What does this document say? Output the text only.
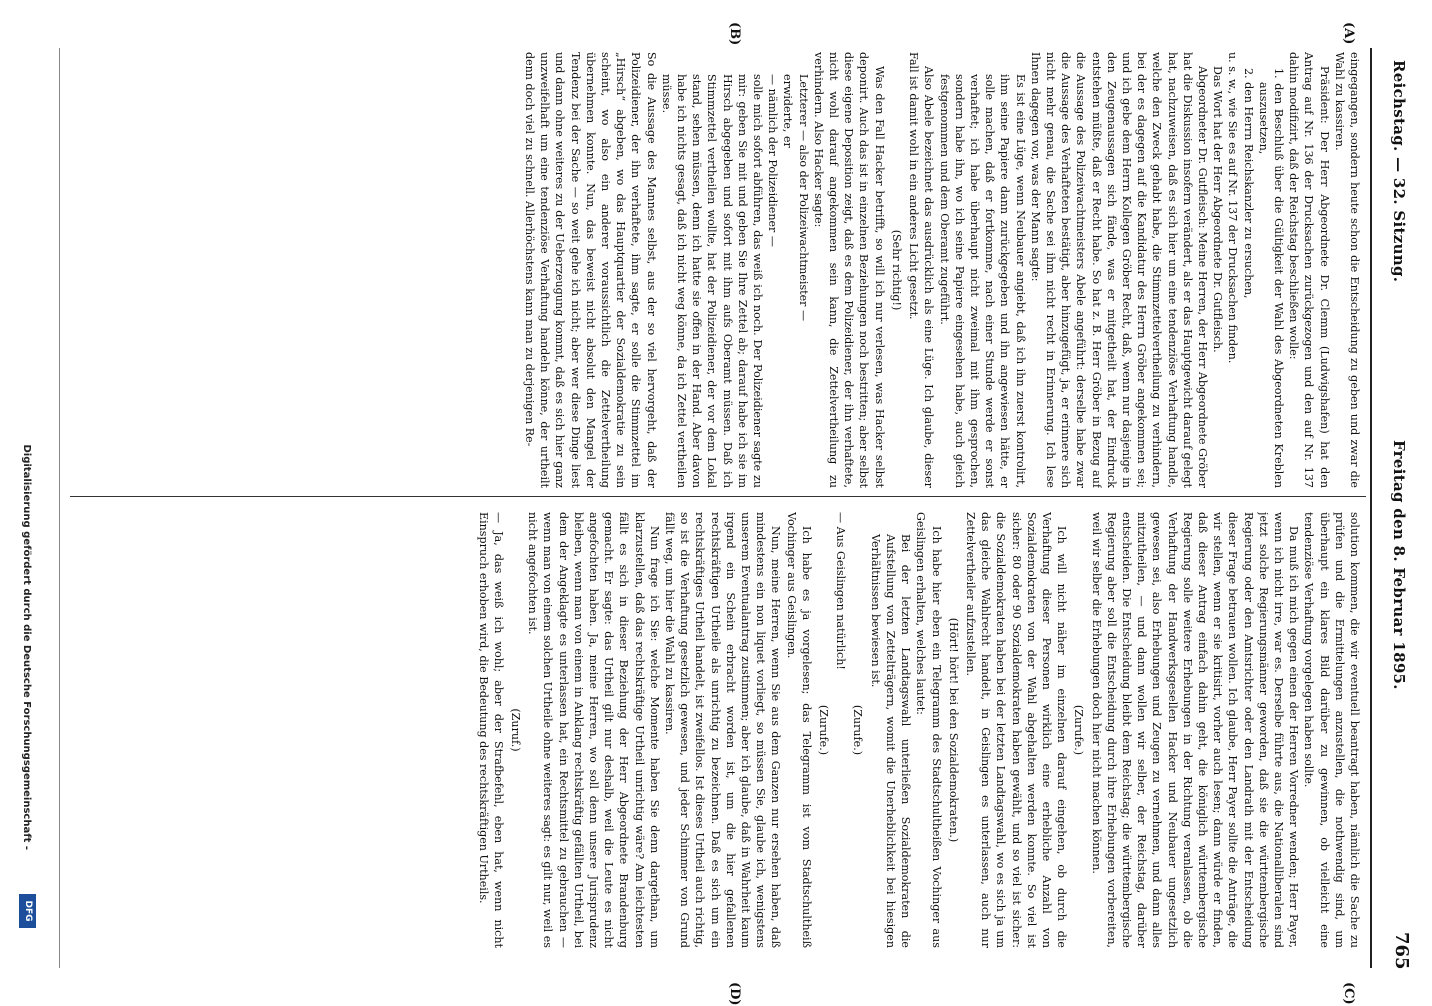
Reichstag. — 32. Sitzung.
Freitag den 8. Februar 1895.
765
(A)
(B)
(C)
(D)

eingegangen, sondern heute schon die Entscheidung zu geben und zwar die Wahl zu kassiren.

Präsident: Der Herr Abgeordnete Dr. Clemm (Ludwigshafen) hat den Antrag auf Nr. 136 der Drucksachen zurückgezogen und den auf Nr. 137 dahin modifizirt, daß der Reichstag beschließen wolle:

1. den Beschluß über die Gültigkeit der Wahl des Abgeordneten Kreblen auszusetzen,

2. den Herrn Reichskanzler zu ersuchen,

u. s. w., wie Sie es auf Nr. 137 der Drucksachen finden.

Das Wort hat der Herr Abgeordnete Dr. Gutfleisch.

Abgeordneter Dr. Gutfleisch: Meine Herren, der Herr Abgeordnete Gröber hat die Diskussion insofern verändert, als er das Hauptgewicht darauf gelegt hat, nachzuweisen, daß es sich hier um eine tendenziöse Verhaftung handle, welche den Zweck gehabt habe, die Stimmzettelvertheilung zu verhindern, bei der es dagegen auf die Kandidatur des Herrn Gröber angekommen sei; und ich gebe dem Herrn Kollegen Gröber Recht, daß, wenn nur dasjenige in den Zeugenaussagen sich fände, was er mitgetheilt hat, der Eindruck entstehen müßte, daß er Recht habe. So hat z. B. Herr Gröber in Bezug auf die Aussage des Polizeiwachtmeisters Abele angeführt: derselbe habe zwar die Aussage des Verhafteten bestätigt, aber hinzugefügt, ja, er erinnere sich nicht mehr genau, die Sache sei ihm nicht recht in Erinnerung. Ich lese Ihnen dagegen vor, was der Mann sagte:

Es ist eine Lüge, wenn Neubauer angiebt, daß ich ihn zuerst kontrolirt, ihm seine Papiere dann zurückgegeben und ihn angewiesen hätte, er solle machen, daß er fortkomme, nach einer Stunde werde er sonst verhaftet; ich habe überhaupt nicht zweimal mit ihm gesprochen, sondern habe ihn, wo ich seine Papiere eingesehen habe, auch gleich festgenommen und dem Oberamt zugeführt.

Also Abele bezeichnet das ausdrücklich als eine Lüge. Ich glaube, dieser Fall ist damit wohl in ein anderes Licht gesetzt.

(Sehr richtig!)

Was den Fall Hacker betrifft, so will ich nur verlesen, was Hacker selbst deponirt. Auch das ist in einzelnen Beziehungen noch bestritten; aber selbst diese eigene Deposition zeigt, daß es dem Polizeidiener, der ihn verhaftete, nicht wohl darauf angekommen sein kann, die Zettelvertheilung zu verhindern. Also Hacker sagte:

Letzterer — also der Polizeiwachtmeister —

erwiderte, er

— nämlich der Polizeidiener —

solle mich sofort abführen, das weiß ich noch. Der Polizeidiener sagte zu mir: geben Sie mit und geben Sie Ihre Zettel ab; darauf habe ich sie im Hirsch abgegeben und sofort mit ihm aufs Oberamt müssen. Daß ich Stimmzettel vertheilen wollte, hat der Polizeidiener, der vor dem Lokal stand, sehen müssen, denn ich hatte sie offen in der Hand. Aber davon habe ich nichts gesagt, daß ich nicht weg könne, da ich Zettel vertheilen müsse.

So die Aussage des Mannes selbst, aus der so viel hervorgeht, daß der Polizeidiener, der ihn verhaftete, ihm sagte, er solle die Stimmzettel im „Hirsch“ abgeben, wo das Hauptquartier der Sozialdemokratie zu sein scheint, wo also ein anderer voraussichtlich die Zettelvertheilung übernehmen konnte. Nun, das beweist nicht absolut den Mangel der Tendenz bei der Sache — so weit gehe ich nicht; aber wer diese Dinge liest und dann ohne weiteres zu der Ueberzeugung kommt, daß es sich hier ganz unzweifelhaft um eine tendenziöse Verhaftung handeln könne, der urtheilt denn doch viel zu schnell. Allerhöchstens kann man zu derjenigen Re-

solution kommen, die wir eventuell beantragt haben, nämlich die Sache zu prüfen und die Ermittelungen anzustellen, die nothwendig sind, um überhaupt ein klares Bild darüber zu gewinnen, ob vielleicht eine tendenziöse Verhaftung vorgelegen haben sollte.

Da muß ich mich gegen einen der Herren Vorredner wenden; Herr Payer, wenn ich nicht irre, war es. Derselbe führte aus, die Nationalliberalen sind jetzt solche Regierungsmänner geworden, daß sie die württembergische Regierung oder den Amtsrichter oder den Landrath mit der Entscheidung dieser Frage betrauen wollen. Ich glaube, Herr Payer sollte die Anträge, die wir stellen, wenn er sie kritisirt, vorher auch lesen; dann würde er finden, daß dieser Antrag einfach dahin geht, die königlich württembergische Regierung solle weitere Erhebungen in der Richtung veranlassen, ob die Verhaftung der Handwerksgesellen Hacker und Neubauer ungesetzlich gewesen sei, also Erhebungen und Zeugen zu vernehmen, und dann alles mitzutheilen, — und dann wollen wir selber, der Reichstag, darüber entscheiden. Die Entscheidung bleibt dem Reichstag; die württembergische Regierung aber soll die Entscheidung durch ihre Erhebungen vorbereiten, weil wir selber die Erhebungen doch hier nicht machen können.

(Zurufe.)

Ich will nicht näher im einzelnen darauf eingehen, ob durch die Verhaftung dieser Personen wirklich eine erhebliche Anzahl von Sozialdemokraten von der Wahl abgehalten werden konnte. So viel ist sicher: 80 oder 90 Sozialdemokraten haben gewählt, und so viel ist sicher: die Sozialdemokraten haben bei der letzten Landtagswahl, wo es sich ja um das gleiche Wahlrecht handelt, in Geislingen es unterlassen, auch nur Zettelvertheiler aufzustellen.

(Hört! hört! bei den Sozialdemokraten.)

Ich habe hier eben ein Telegramm des Stadtschultheißen Vochinger aus Geislingen erhalten, welches lautet:

Bei der letzten Landtagswahl unterließen Sozialdemokraten die Aufstellung von Zettelträgern, womit die Unerheblichkeit bei hiesigen Verhältnissen bewiesen ist.

(Zurufe.)

— Aus Geislingen natürlich!

(Zurufe.)

Ich habe es ja vorgelesen; das Telegramm ist vom Stadtschultheiß Vochinger aus Geislingen.

Nun, meine Herren, wenn Sie aus dem Ganzen nur ersehen haben, daß mindestens ein non liquet vorliegt, so müssen Sie, glaube ich, wenigstens unserem Eventualantrag zustimmen; aber ich glaube, daß in Wahrheit kaum irgend ein Schein erbracht worden ist, um die hier gefallenen rechtskräftigen Urtheile als unrichtig zu bezeichnen. Daß es sich um ein rechtskräftiges Urtheil handelt, ist zweifellos. Ist dieses Urtheil auch richtig, so ist die Verhaftung gesetzlich gewesen, und jeder Schimmer von Grund fällt weg, um hier die Wahl zu kassiren.

Nun frage ich Sie: welche Momente haben Sie denn dargethan, um klarzustellen, daß das rechtskräftige Urtheil unrichtig wäre? Am leichtesten fällt es sich in dieser Beziehung der Herr Abgeordnete Brandenburg gemacht. Er sagte: das Urtheil gilt nur deshalb, weil die Leute es nicht angefochten haben. Ja, meine Herren, wo soll denn unsere Jurisprudenz bleiben, wenn man von einem in Anklang rechtskräftig gefällten Urtheil, bei dem der Angeklagte es unterlassen hat, ein Rechtsmittel zu gebrauchen — wenn man von einem solchen Urtheile ohne weiteres sagt: es gilt nur, weil es nicht angefochten ist.

(Zuruf.)

— Ja, das weiß ich wohl; aber der Strafbefehl, eben hat, wenn nicht Einspruch erhoben wird, die Bedeutung des rechtskräftigen Urtheils.

Digitalisierung gefördert durch die Deutsche Forschungsgemeinschaft -
DFG
